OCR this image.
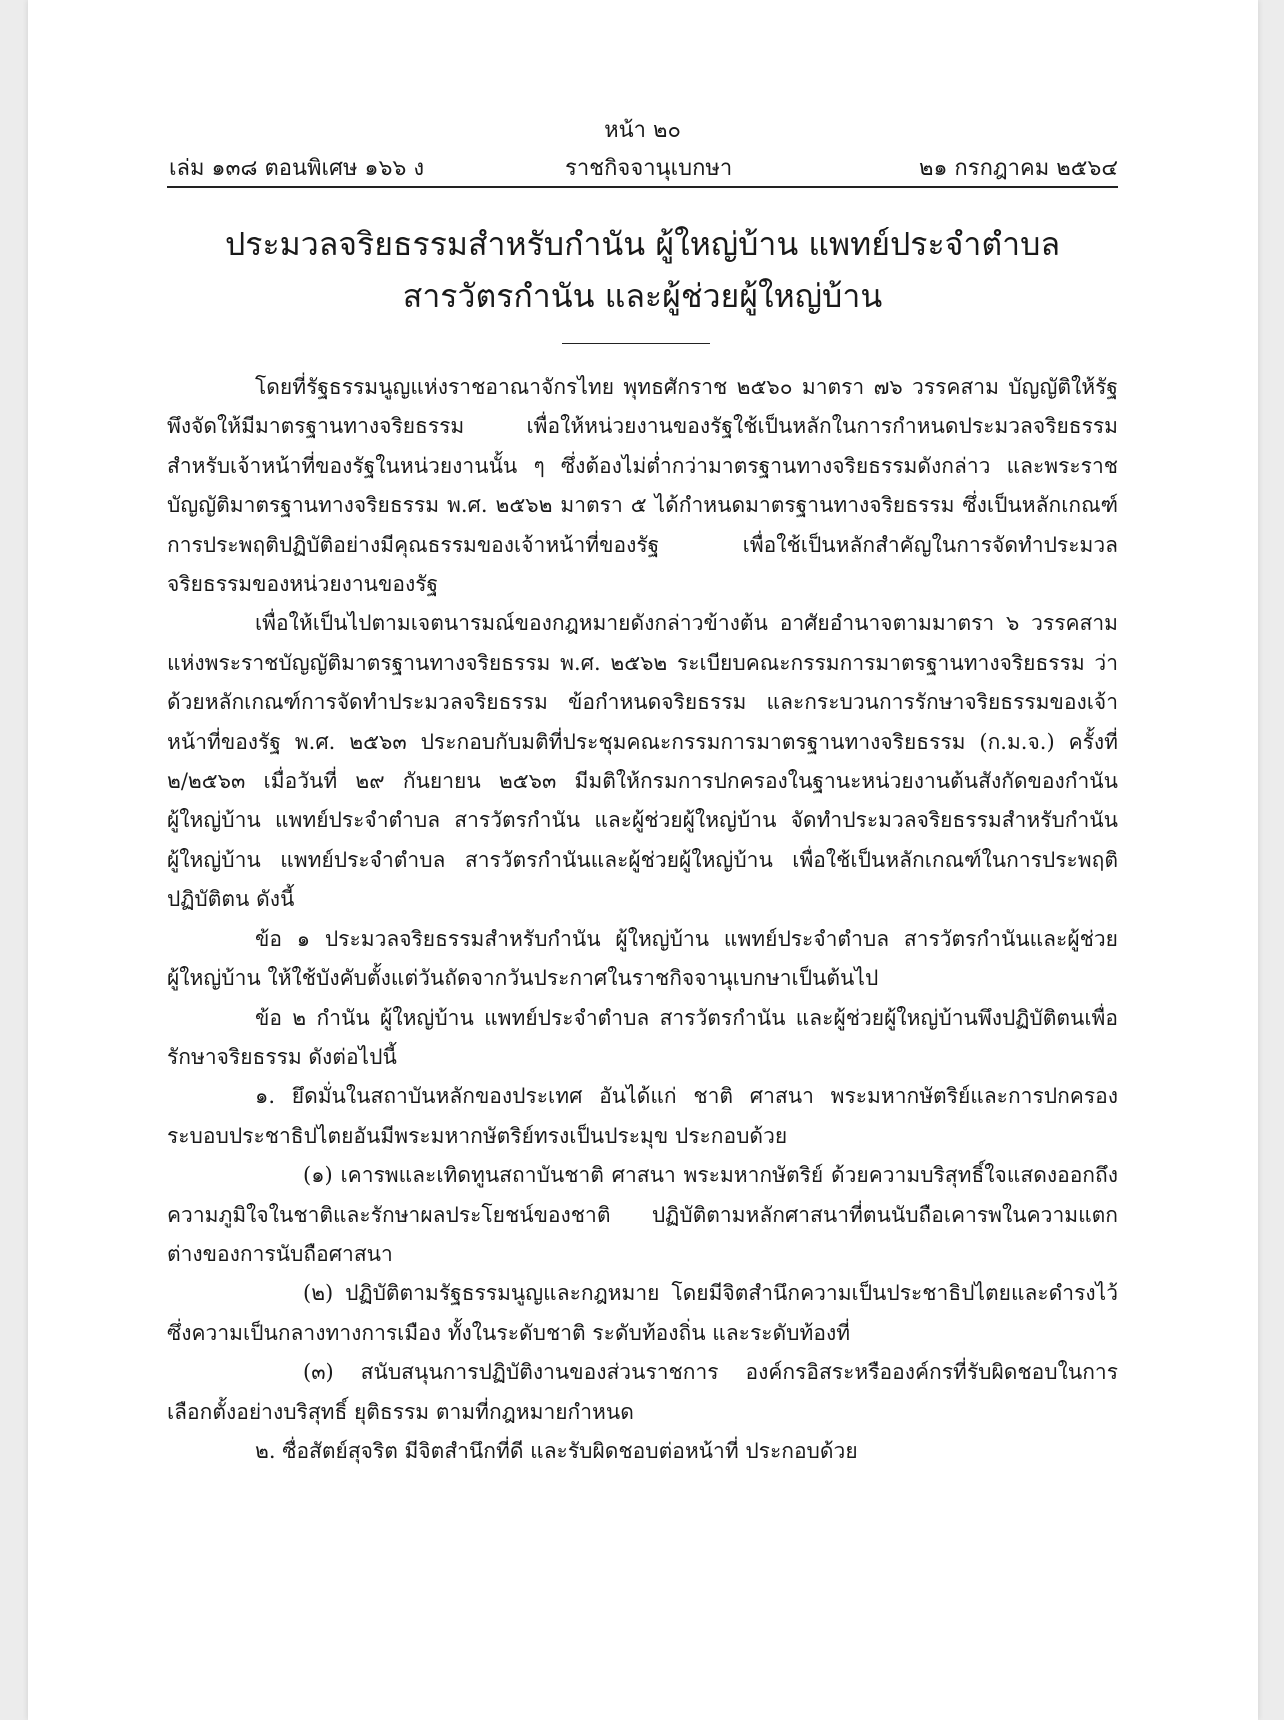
หน้า ๒๐
เล่ม ๑๓๘ ตอนพิเศษ ๑๖๖ ง	ราชกิจจานุเบกษา	๒๑ กรกฎาคม ๒๕๖๔
ประมวลจริยธรรมสำหรับกำนัน ผู้ใหญ่บ้าน แพทย์ประจำตำบล
สารวัตรกำนัน และผู้ช่วยผู้ใหญ่บ้าน

โดยที่รัฐธรรมนูญแห่งราชอาณาจักรไทย พุทธศักราช ๒๕๖๐ มาตรา ๗๖ วรรคสาม บัญญัติให้รัฐพึงจัดให้มีมาตรฐานทางจริยธรรม เพื่อให้หน่วยงานของรัฐใช้เป็นหลักในการกำหนดประมวลจริยธรรมสำหรับเจ้าหน้าที่ของรัฐในหน่วยงานนั้น ๆ ซึ่งต้องไม่ต่ำกว่ามาตรฐานทางจริยธรรมดังกล่าว และพระราชบัญญัติมาตรฐานทางจริยธรรม พ.ศ. ๒๕๖๒ มาตรา ๕ ได้กำหนดมาตรฐานทางจริยธรรม ซึ่งเป็นหลักเกณฑ์การประพฤติปฏิบัติอย่างมีคุณธรรมของเจ้าหน้าที่ของรัฐ เพื่อใช้เป็นหลักสำคัญในการจัดทำประมวลจริยธรรมของหน่วยงานของรัฐ

เพื่อให้เป็นไปตามเจตนารมณ์ของกฎหมายดังกล่าวข้างต้น อาศัยอำนาจตามมาตรา ๖ วรรคสาม แห่งพระราชบัญญัติมาตรฐานทางจริยธรรม พ.ศ. ๒๕๖๒ ระเบียบคณะกรรมการมาตรฐานทางจริยธรรม ว่าด้วยหลักเกณฑ์การจัดทำประมวลจริยธรรม ข้อกำหนดจริยธรรม และกระบวนการรักษาจริยธรรมของเจ้าหน้าที่ของรัฐ พ.ศ. ๒๕๖๓ ประกอบกับมติที่ประชุมคณะกรรมการมาตรฐานทางจริยธรรม (ก.ม.จ.) ครั้งที่ ๒/๒๕๖๓ เมื่อวันที่ ๒๙ กันยายน ๒๕๖๓ มีมติให้กรมการปกครองในฐานะหน่วยงานต้นสังกัดของกำนัน ผู้ใหญ่บ้าน แพทย์ประจำตำบล สารวัตรกำนัน และผู้ช่วยผู้ใหญ่บ้าน จัดทำประมวลจริยธรรมสำหรับกำนัน ผู้ใหญ่บ้าน แพทย์ประจำตำบล สารวัตรกำนันและผู้ช่วยผู้ใหญ่บ้าน เพื่อใช้เป็นหลักเกณฑ์ในการประพฤติปฏิบัติตน ดังนี้

ข้อ ๑ ประมวลจริยธรรมสำหรับกำนัน ผู้ใหญ่บ้าน แพทย์ประจำตำบล สารวัตรกำนันและผู้ช่วยผู้ใหญ่บ้าน ให้ใช้บังคับตั้งแต่วันถัดจากวันประกาศในราชกิจจานุเบกษาเป็นต้นไป

ข้อ ๒ กำนัน ผู้ใหญ่บ้าน แพทย์ประจำตำบล สารวัตรกำนัน และผู้ช่วยผู้ใหญ่บ้านพึงปฏิบัติตนเพื่อรักษาจริยธรรม ดังต่อไปนี้

๑. ยึดมั่นในสถาบันหลักของประเทศ อันได้แก่ ชาติ ศาสนา พระมหากษัตริย์และการปกครองระบอบประชาธิปไตยอันมีพระมหากษัตริย์ทรงเป็นประมุข ประกอบด้วย

(๑) เคารพและเทิดทูนสถาบันชาติ ศาสนา พระมหากษัตริย์ ด้วยความบริสุทธิ์ใจแสดงออกถึงความภูมิใจในชาติและรักษาผลประโยชน์ของชาติ ปฏิบัติตามหลักศาสนาที่ตนนับถือเคารพในความแตกต่างของการนับถือศาสนา

(๒) ปฏิบัติตามรัฐธรรมนูญและกฎหมาย โดยมีจิตสำนึกความเป็นประชาธิปไตยและดำรงไว้ซึ่งความเป็นกลางทางการเมือง ทั้งในระดับชาติ ระดับท้องถิ่น และระดับท้องที่

(๓) สนับสนุนการปฏิบัติงานของส่วนราชการ องค์กรอิสระหรือองค์กรที่รับผิดชอบในการเลือกตั้งอย่างบริสุทธิ์ ยุติธรรม ตามที่กฎหมายกำหนด

๒. ซื่อสัตย์สุจริต มีจิตสำนึกที่ดี และรับผิดชอบต่อหน้าที่ ประกอบด้วย
